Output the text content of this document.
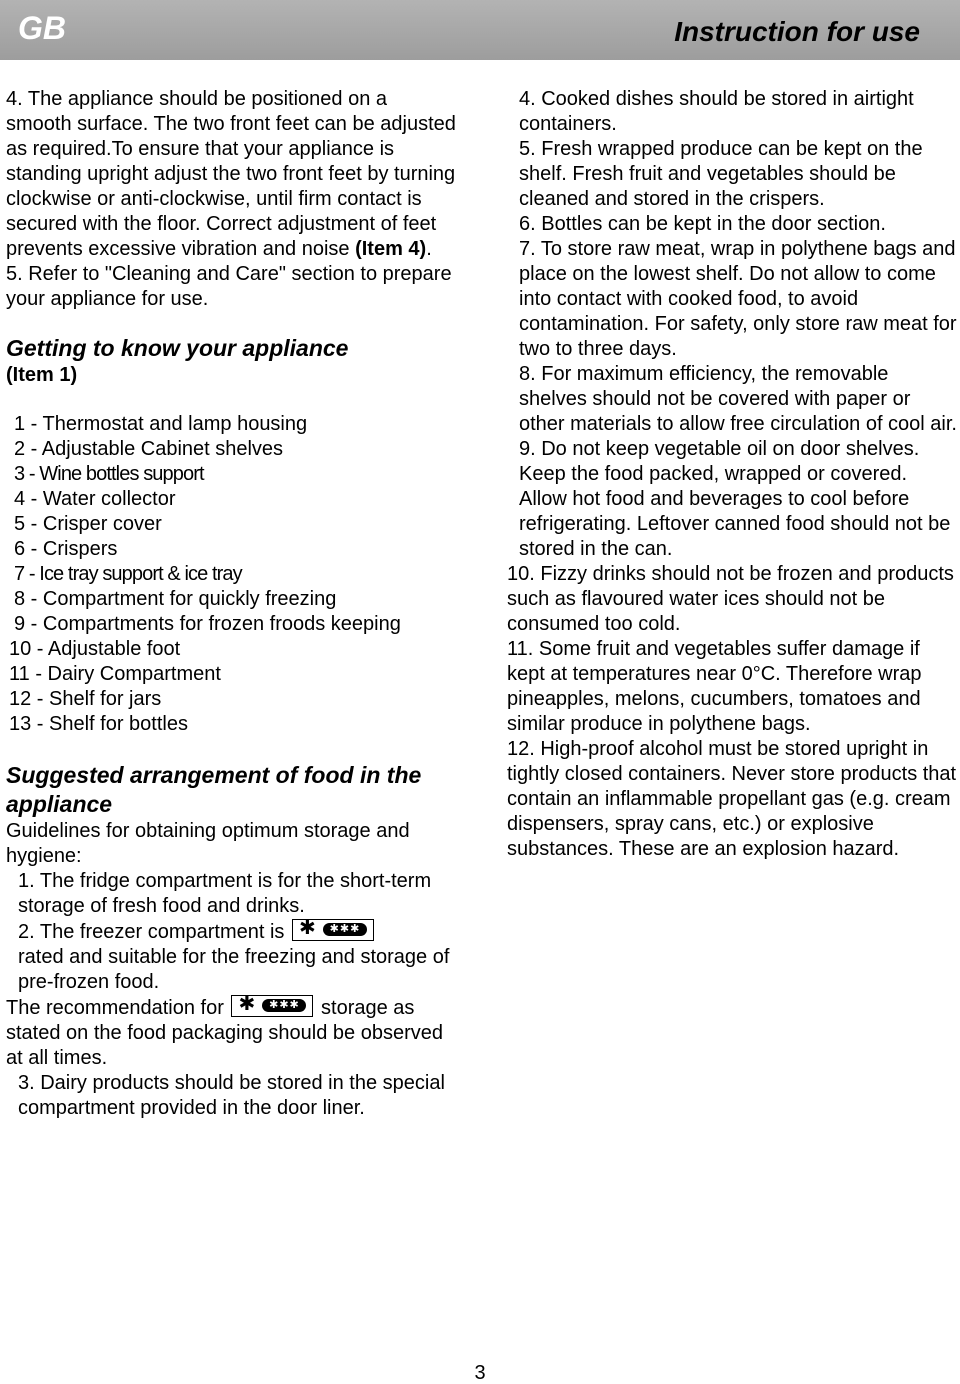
GB	Instruction for use

4. The appliance should be positioned on a smooth surface. The two front feet can be adjusted as required.To ensure that your appliance is standing upright adjust the two front feet by turning clockwise or anti-clockwise, until firm contact is secured with the floor. Correct adjustment of feet prevents excessive vibration and noise (Item 4).

5. Refer to "Cleaning and Care" section to prepare your appliance for use.

Getting to know your appliance

(Item 1)

1 - Thermostat and lamp housing
2 - Adjustable Cabinet shelves
3 - Wine bottles support
4 - Water collector
5 - Crisper cover
6 - Crispers
7 - Ice tray support & ice tray
8 - Compartment for quickly freezing
9 - Compartments for frozen froods keeping
10 - Adjustable foot
11 - Dairy Compartment
12 - Shelf for jars
13 - Shelf for bottles

Suggested arrangement of food in the appliance

Guidelines for obtaining optimum storage and hygiene:

1. The fridge compartment is for the short-term storage of fresh food and drinks.

2. The freezer compartment is ✱	✱✱✱

rated and suitable for the freezing and storage of pre-frozen food.

The recommendation for ✱	✱✱✱	storage as stated on the food packaging should be observed at all times.

3. Dairy products should be stored in the special compartment provided in the door liner.

4. Cooked dishes should be stored in airtight containers.

5. Fresh wrapped produce can be kept on the shelf. Fresh fruit and vegetables should be cleaned and stored in the crispers.

6. Bottles can be kept in the door section.

7. To store raw meat, wrap in polythene bags and place on the lowest shelf. Do not allow to come into contact with cooked food, to avoid contamination. For safety, only store raw meat for two to three days.

8. For maximum efficiency, the removable shelves should not be covered with paper or other materials to allow free circulation of cool air.

9. Do not keep vegetable oil on door shelves. Keep the food packed, wrapped or covered. Allow hot food and beverages to cool before refrigerating. Leftover canned food should not be stored in the can.

10. Fizzy drinks should not be frozen and products such as flavoured water ices should not be consumed too cold.

11. Some fruit and vegetables suffer damage if kept at temperatures near 0°C. Therefore wrap pineapples, melons, cucumbers, tomatoes and similar produce in polythene bags.

12. High-proof alcohol must be stored upright in tightly closed containers. Never store products that contain an inflammable propellant gas (e.g. cream dispensers, spray cans, etc.) or explosive substances. These are an explosion hazard.

3
